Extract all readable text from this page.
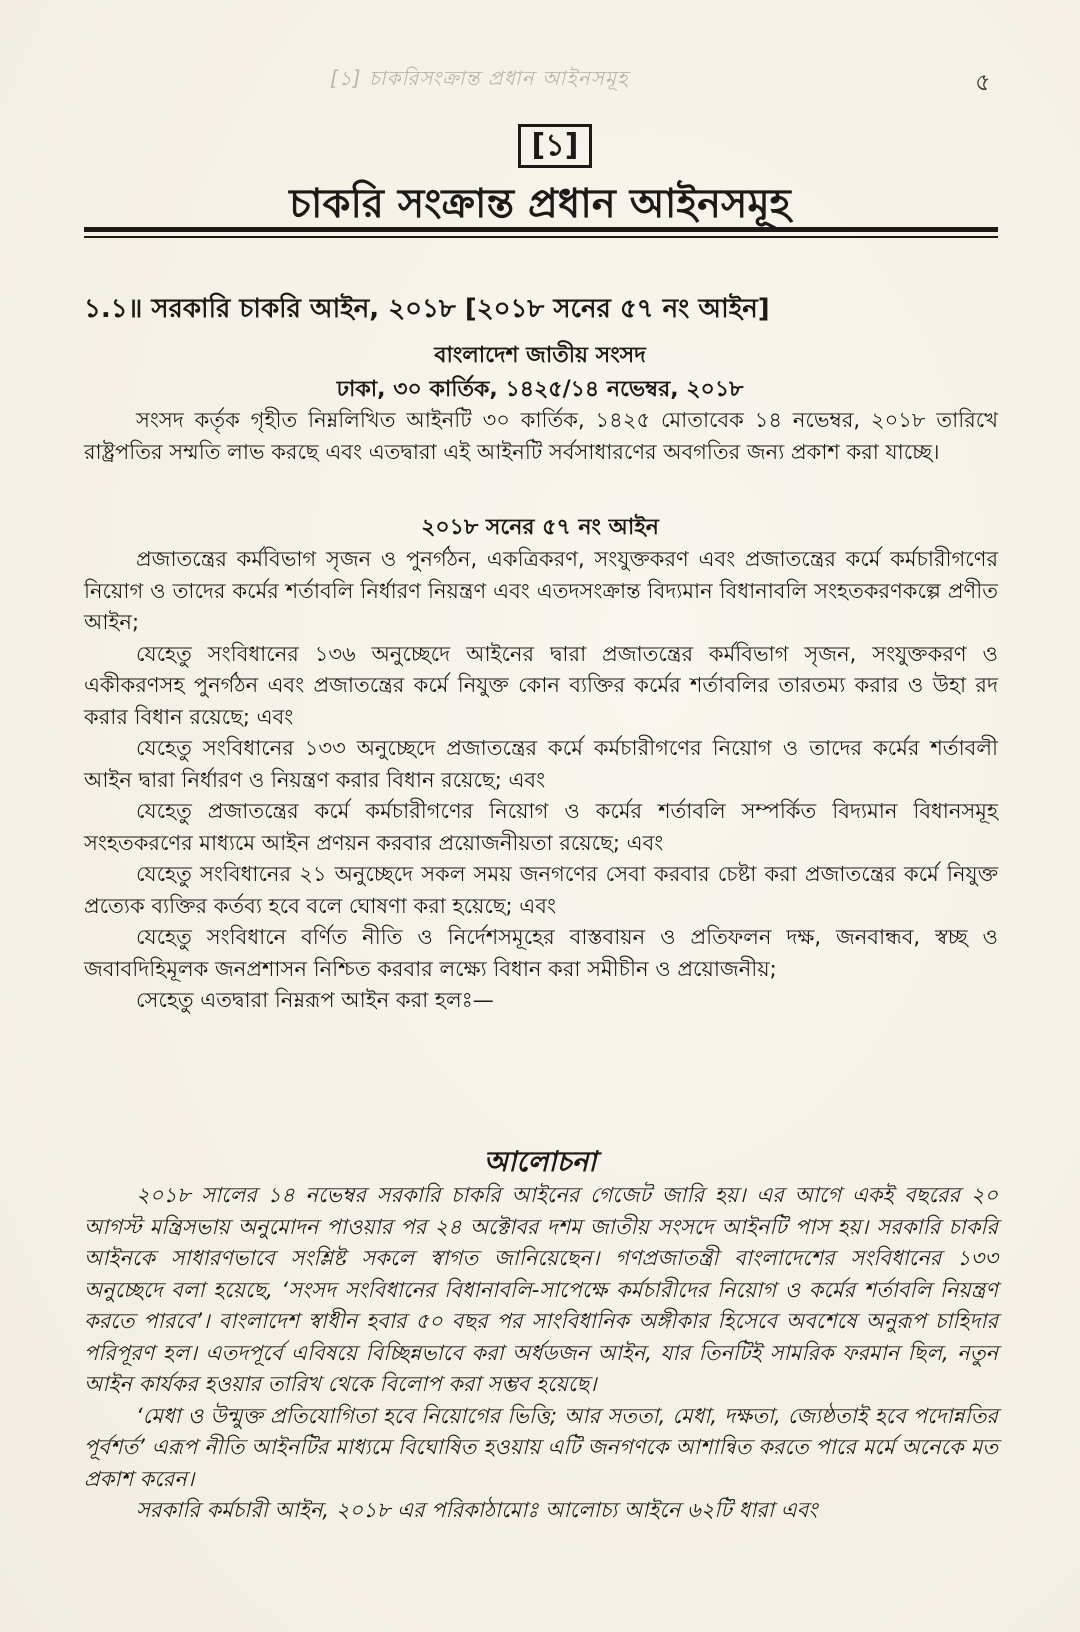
[১] চাকরিসংক্রান্ত প্রধান আইনসমূহ	৫
[১]
চাকরি সংক্রান্ত প্রধান আইনসমূহ
১.১॥ সরকারি চাকরি আইন, ২০১৮ [২০১৮ সনের ৫৭ নং আইন]
বাংলাদেশ জাতীয় সংসদ
ঢাকা, ৩০ কার্তিক, ১৪২৫/১৪ নভেম্বর, ২০১৮

সংসদ কর্তৃক গৃহীত নিম্নলিখিত আইনটি ৩০ কার্তিক, ১৪২৫ মোতাবেক ১৪ নভেম্বর, ২০১৮ তারিখে রাষ্ট্রপতির সম্মতি লাভ করছে এবং এতদ্বারা এই আইনটি সর্বসাধারণের অবগতির জন্য প্রকাশ করা যাচ্ছে।

২০১৮ সনের ৫৭ নং আইন

প্রজাতন্ত্রের কর্মবিভাগ সৃজন ও পুনর্গঠন, একত্রিকরণ, সংযুক্তকরণ এবং প্রজাতন্ত্রের কর্মে কর্মচারীগণের নিয়োগ ও তাদের কর্মের শর্তাবলি নির্ধারণ নিয়ন্ত্রণ এবং এতদসংক্রান্ত বিদ্যমান বিধানাবলি সংহতকরণকল্পে প্রণীত আইন;

যেহেতু সংবিধানের ১৩৬ অনুচ্ছেদে আইনের দ্বারা প্রজাতন্ত্রের কর্মবিভাগ সৃজন, সংযুক্তকরণ ও একীকরণসহ পুনর্গঠন এবং প্রজাতন্ত্রের কর্মে নিযুক্ত কোন ব্যক্তির কর্মের শর্তাবলির তারতম্য করার ও উহা রদ করার বিধান রয়েছে; এবং

যেহেতু সংবিধানের ১৩৩ অনুচ্ছেদে প্রজাতন্ত্রের কর্মে কর্মচারীগণের নিয়োগ ও তাদের কর্মের শর্তাবলী আইন দ্বারা নির্ধারণ ও নিয়ন্ত্রণ করার বিধান রয়েছে; এবং

যেহেতু প্রজাতন্ত্রের কর্মে কর্মচারীগণের নিয়োগ ও কর্মের শর্তাবলি সম্পর্কিত বিদ্যমান বিধানসমূহ সংহতকরণের মাধ্যমে আইন প্রণয়ন করবার প্রয়োজনীয়তা রয়েছে; এবং

যেহেতু সংবিধানের ২১ অনুচ্ছেদে সকল সময় জনগণের সেবা করবার চেষ্টা করা প্রজাতন্ত্রের কর্মে নিযুক্ত প্রত্যেক ব্যক্তির কর্তব্য হবে বলে ঘোষণা করা হয়েছে; এবং

যেহেতু সংবিধানে বর্ণিত নীতি ও নির্দেশসমূহের বাস্তবায়ন ও প্রতিফলন দক্ষ, জনবান্ধব, স্বচ্ছ ও জবাবদিহিমূলক জনপ্রশাসন নিশ্চিত করবার লক্ষ্যে বিধান করা সমীচীন ও প্রয়োজনীয়;

সেহেতু এতদ্বারা নিম্নরূপ আইন করা হলঃ—

আলোচনা

২০১৮ সালের ১৪ নভেম্বর সরকারি চাকরি আইনের গেজেট জারি হয়। এর আগে একই বছরের ২০ আগস্ট মন্ত্রিসভায় অনুমোদন পাওয়ার পর ২৪ অক্টোবর দশম জাতীয় সংসদে আইনটি পাস হয়। সরকারি চাকরি আইনকে সাধারণভাবে সংশ্লিষ্ট সকলে স্বাগত জানিয়েছেন। গণপ্রজাতন্ত্রী বাংলাদেশের সংবিধানের ১৩৩ অনুচ্ছেদে বলা হয়েছে, ‘সংসদ সংবিধানের বিধানাবলি-সাপেক্ষে কর্মচারীদের নিয়োগ ও কর্মের শর্তাবলি নিয়ন্ত্রণ করতে পারবে’। বাংলাদেশ স্বাধীন হবার ৫০ বছর পর সাংবিধানিক অঙ্গীকার হিসেবে অবশেষে অনুরূপ চাহিদার পরিপূরণ হল। এতদপূর্বে এবিষয়ে বিচ্ছিন্নভাবে করা অর্ধডজন আইন, যার তিনটিই সামরিক ফরমান ছিল, নতুন আইন কার্যকর হওয়ার তারিখ থেকে বিলোপ করা সম্ভব হয়েছে।

‘মেধা ও উন্মুক্ত প্রতিযোগিতা হবে নিয়োগের ভিত্তি; আর সততা, মেধা, দক্ষতা, জ্যেষ্ঠতাই হবে পদোন্নতির পূর্বশর্ত’ এরূপ নীতি আইনটির মাধ্যমে বিঘোষিত হওয়ায় এটি জনগণকে আশান্বিত করতে পারে মর্মে অনেকে মত প্রকাশ করেন।

সরকারি কর্মচারী আইন, ২০১৮ এর পরিকাঠামোঃ আলোচ্য আইনে ৬২টি ধারা এবং
